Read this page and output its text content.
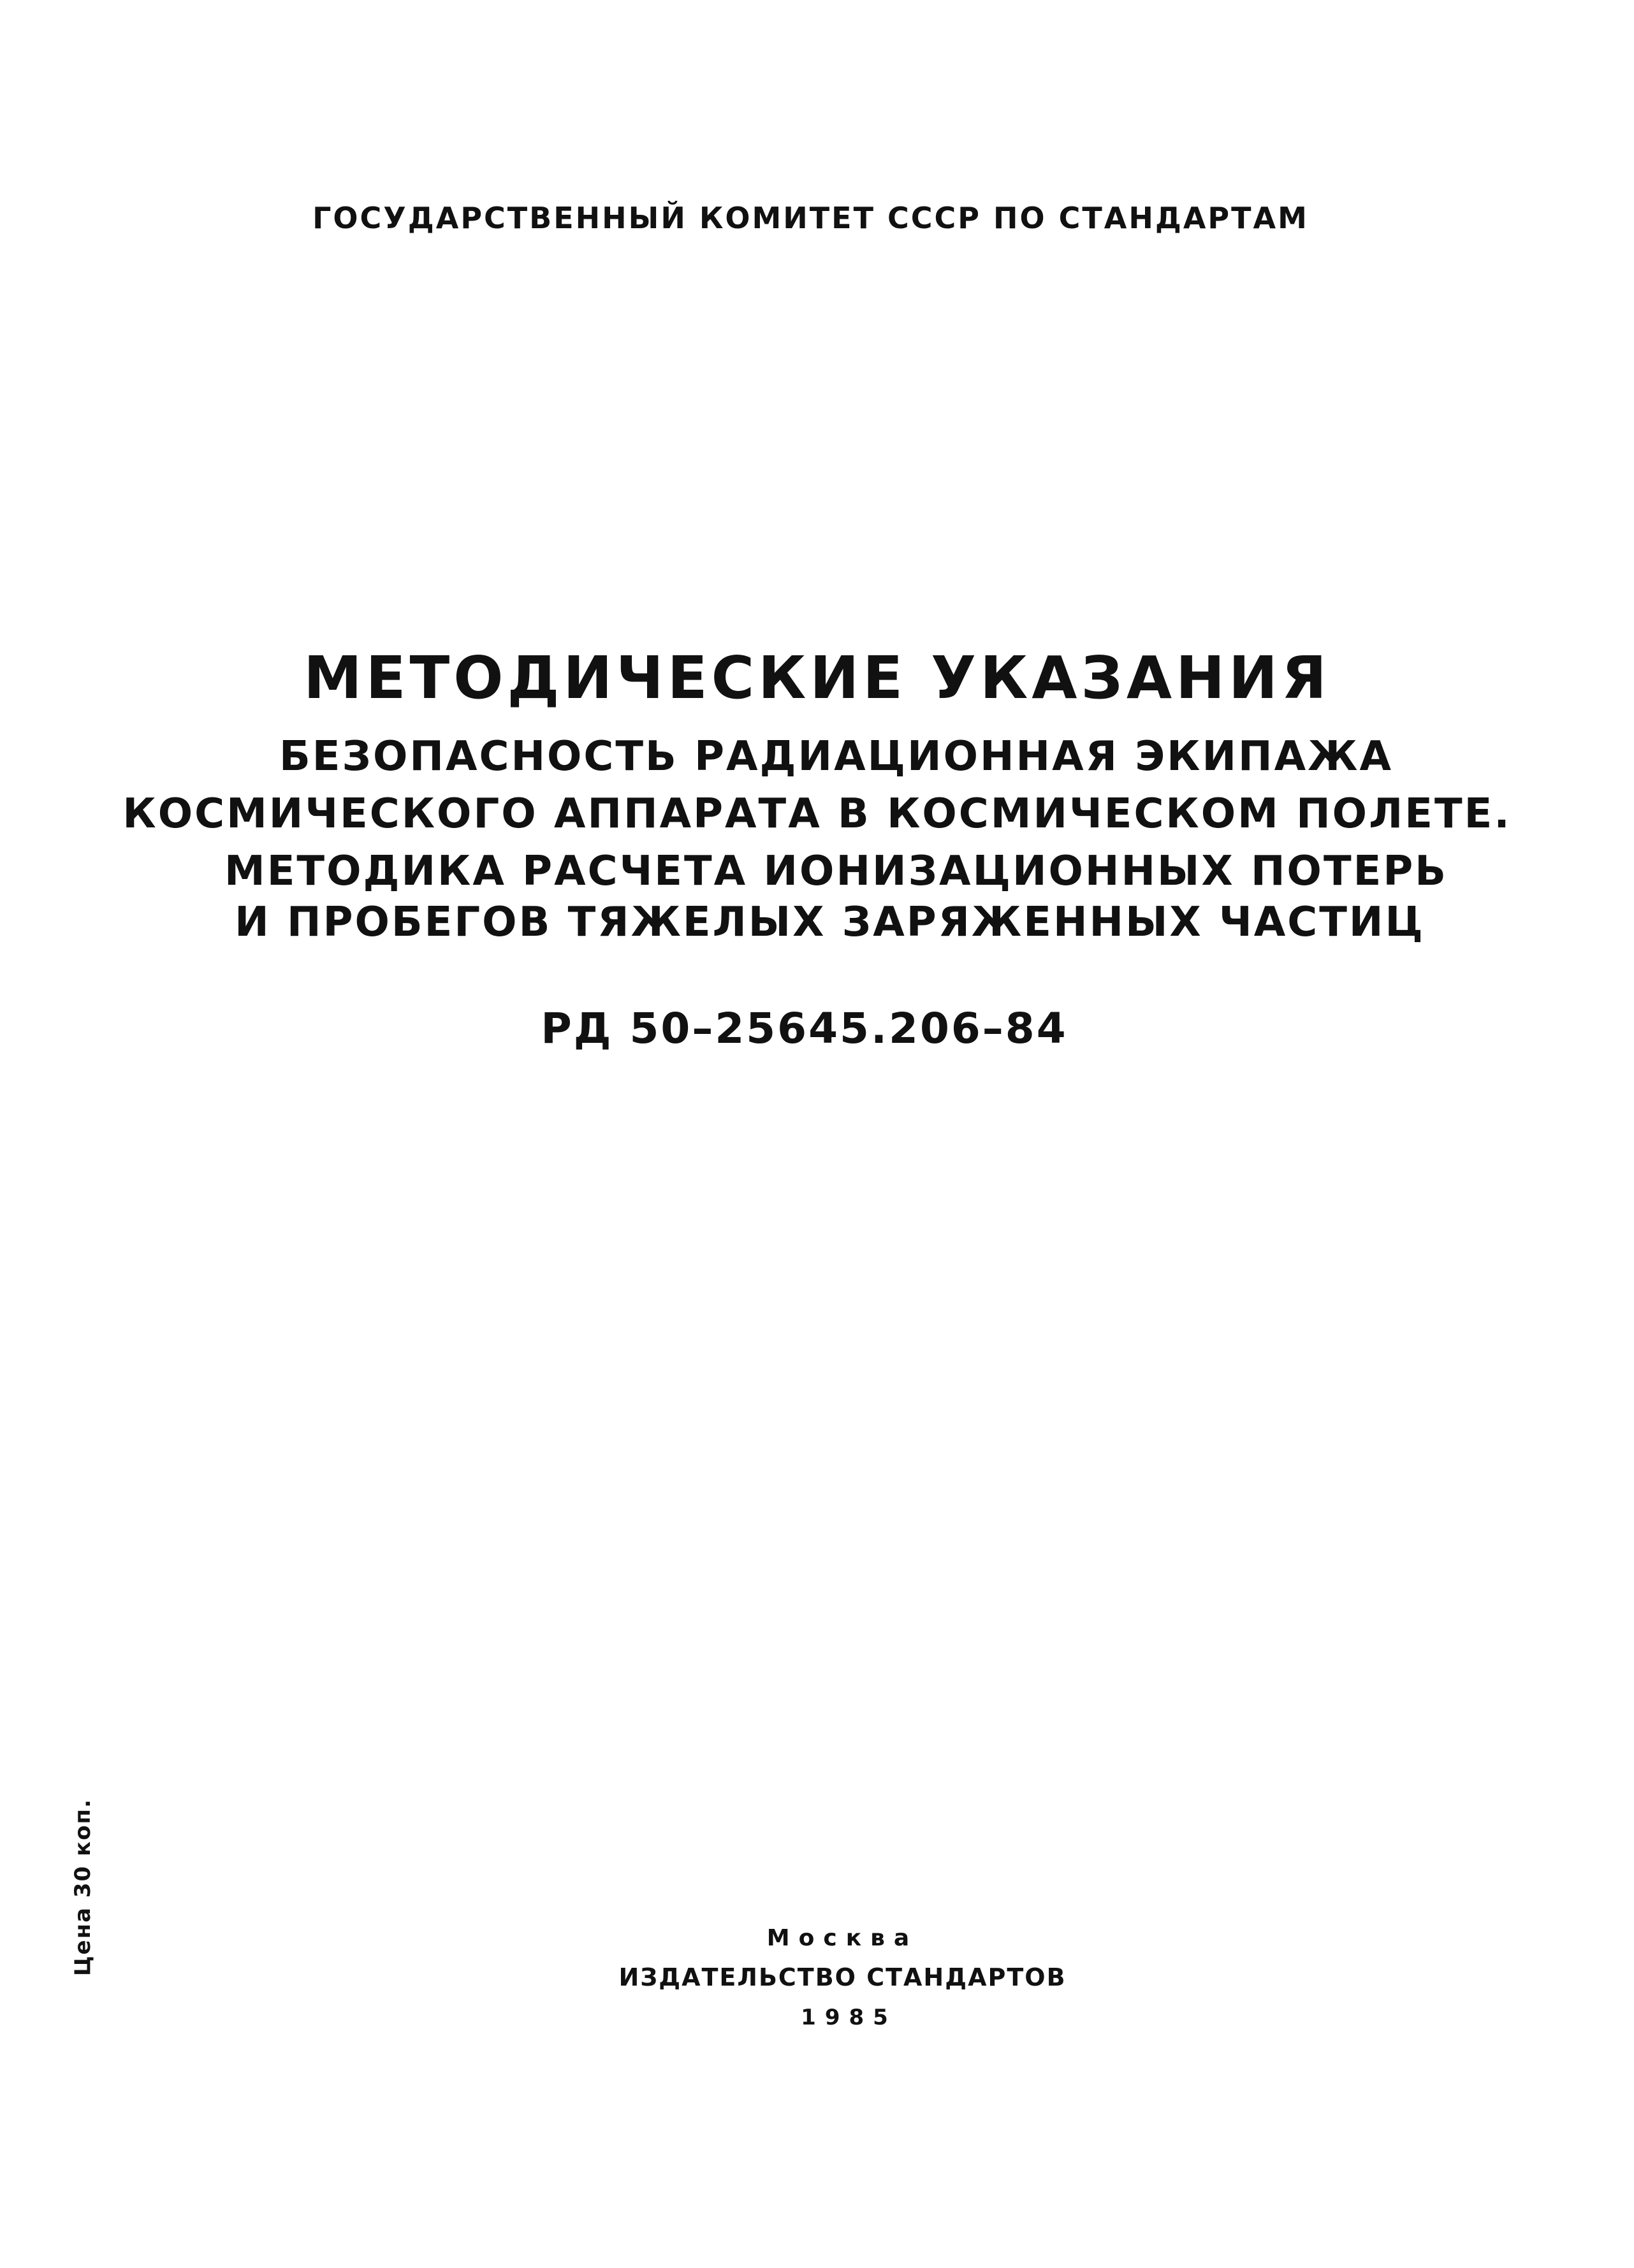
ГОСУДАРСТВЕННЫЙ КОМИТЕТ СССР ПО СТАНДАРТАМ
МЕТОДИЧЕСКИЕ УКАЗАНИЯ
БЕЗОПАСНОСТЬ РАДИАЦИОННАЯ ЭКИПАЖА
КОСМИЧЕСКОГО АППАРАТА В КОСМИЧЕСКОМ ПОЛЕТЕ.
МЕТОДИКА РАСЧЕТА ИОНИЗАЦИОННЫХ ПОТЕРЬ
И ПРОБЕГОВ ТЯЖЕЛЫХ ЗАРЯЖЕННЫХ ЧАСТИЦ
РД 50–25645.206–84
Цена 30 коп.	Москва
ИЗДАТЕЛЬСТВО СТАНДАРТОВ
1985
